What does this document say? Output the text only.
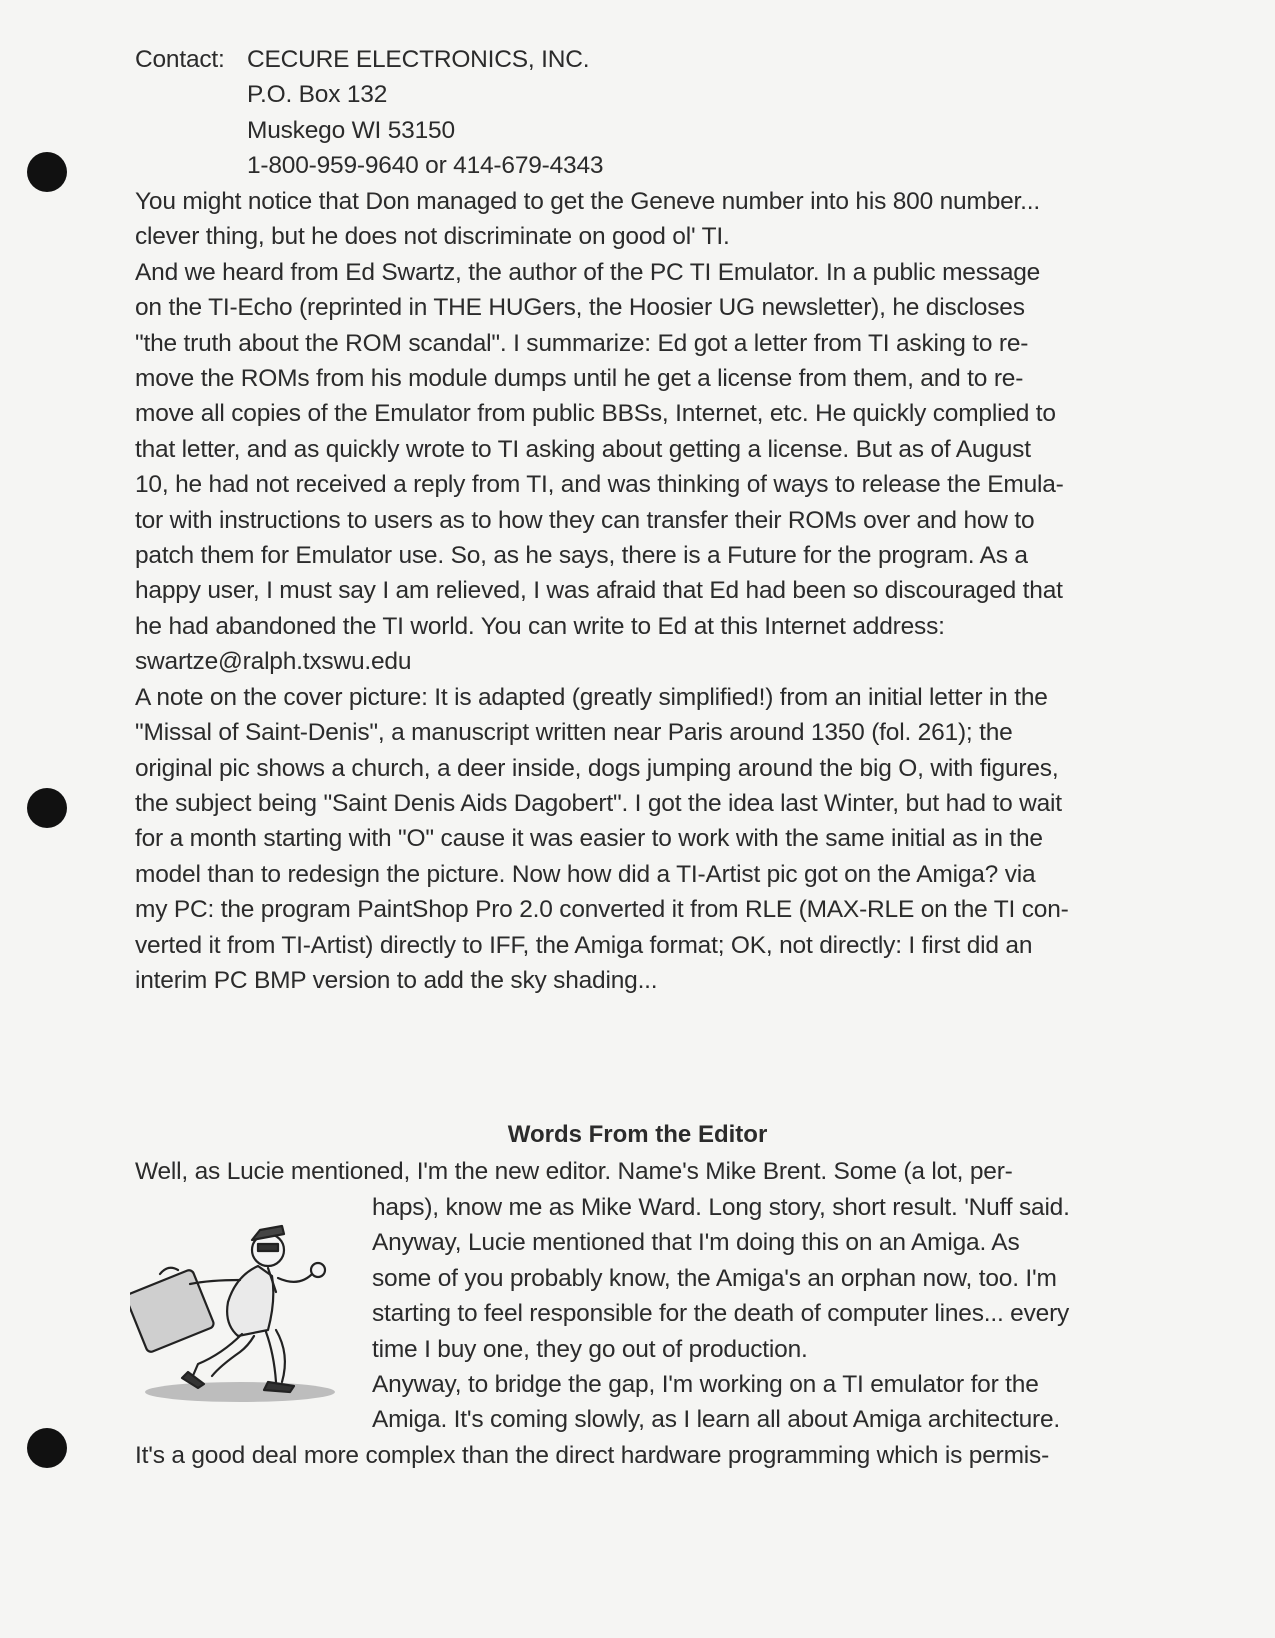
Contact: CECURE ELECTRONICS, INC.
P.O. Box 132
Muskego WI 53150
1-800-959-9640 or 414-679-4343
You might notice that Don managed to get the Geneve number into his 800 number...
clever thing, but he does not discriminate on good ol' TI.
And we heard from Ed Swartz, the author of the PC TI Emulator. In a public message
on the TI-Echo (reprinted in THE HUGers, the Hoosier UG newsletter), he discloses
"the truth about the ROM scandal". I summarize: Ed got a letter from TI asking to re-
move the ROMs from his module dumps until he get a license from them, and to re-
move all copies of the Emulator from public BBSs, Internet, etc. He quickly complied to
that letter, and as quickly wrote to TI asking about getting a license. But as of August
10, he had not received a reply from TI, and was thinking of ways to release the Emula-
tor with instructions to users as to how they can transfer their ROMs over and how to
patch them for Emulator use. So, as he says, there is a Future for the program. As a
happy user, I must say I am relieved, I was afraid that Ed had been so discouraged that
he had abandoned the TI world. You can write to Ed at this Internet address:
swartze@ralph.txswu.edu
A note on the cover picture: It is adapted (greatly simplified!) from an initial letter in the
"Missal of Saint-Denis", a manuscript written near Paris around 1350 (fol. 261); the
original pic shows a church, a deer inside, dogs jumping around the big O, with figures,
the subject being "Saint Denis Aids Dagobert". I got the idea last Winter, but had to wait
for a month starting with "O" cause it was easier to work with the same initial as in the
model than to redesign the picture. Now how did a TI-Artist pic got on the Amiga? via
my PC: the program PaintShop Pro 2.0 converted it from RLE (MAX-RLE on the TI con-
verted it from TI-Artist) directly to IFF, the Amiga format; OK, not directly: I first did an
interim PC BMP version to add the sky shading...
Words From the Editor
Well, as Lucie mentioned, I'm the new editor. Name's Mike Brent. Some (a lot, per-
haps), know me as Mike Ward. Long story, short result. 'Nuff said.
Anyway, Lucie mentioned that I'm doing this on an Amiga. As
some of you probably know, the Amiga's an orphan now, too. I'm
starting to feel responsible for the death of computer lines... every
time I buy one, they go out of production.
Anyway, to bridge the gap, I'm working on a TI emulator for the
Amiga. It's coming slowly, as I learn all about Amiga architecture.
It's a good deal more complex than the direct hardware programming which is permis-
